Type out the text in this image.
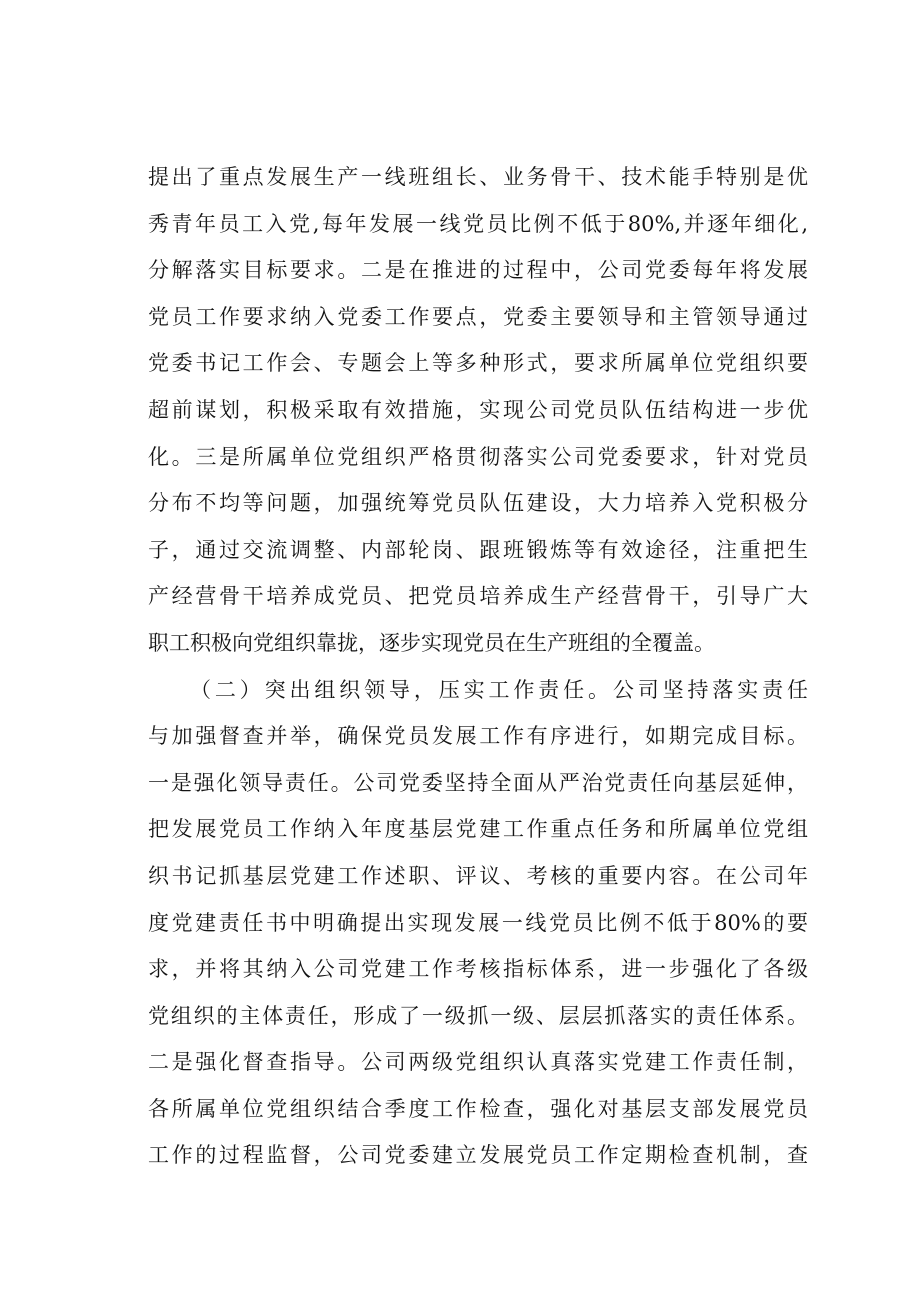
提出了重点发展生产一线班组长、业务骨干、技术能手特别是优
秀青年员工入党,每年发展一线党员比例不低于80%,并逐年细化,
分解落实目标要求。二是在推进的过程中，公司党委每年将发展
党员工作要求纳入党委工作要点，党委主要领导和主管领导通过
党委书记工作会、专题会上等多种形式，要求所属单位党组织要
超前谋划，积极采取有效措施，实现公司党员队伍结构进一步优
化。三是所属单位党组织严格贯彻落实公司党委要求，针对党员
分布不均等问题，加强统筹党员队伍建设，大力培养入党积极分
子，通过交流调整、内部轮岗、跟班锻炼等有效途径，注重把生
产经营骨干培养成党员、把党员培养成生产经营骨干，引导广大
职工积极向党组织靠拢，逐步实现党员在生产班组的全覆盖。
（二）突出组织领导，压实工作责任。公司坚持落实责任
与加强督查并举，确保党员发展工作有序进行，如期完成目标。
一是强化领导责任。公司党委坚持全面从严治党责任向基层延伸，
把发展党员工作纳入年度基层党建工作重点任务和所属单位党组
织书记抓基层党建工作述职、评议、考核的重要内容。在公司年
度党建责任书中明确提出实现发展一线党员比例不低于80%的要
求，并将其纳入公司党建工作考核指标体系，进一步强化了各级
党组织的主体责任，形成了一级抓一级、层层抓落实的责任体系。
二是强化督查指导。公司两级党组织认真落实党建工作责任制，
各所属单位党组织结合季度工作检查，强化对基层支部发展党员
工作的过程监督，公司党委建立发展党员工作定期检查机制，查
